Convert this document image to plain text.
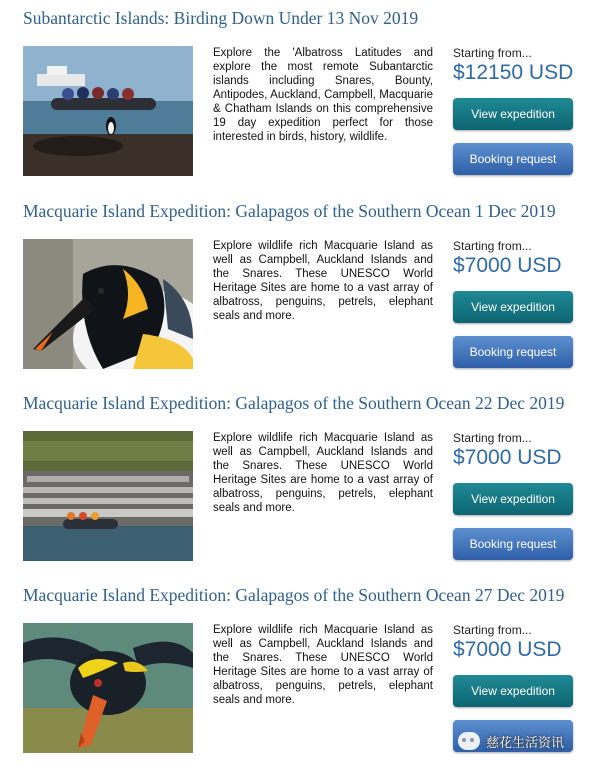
Subantarctic Islands: Birding Down Under 13 Nov 2019
Explore the 'Albatross Latitudes and explore the most remote Subantarctic islands including Snares, Bounty, Antipodes, Auckland, Campbell, Macquarie & Chatham Islands on this comprehensive 19 day expedition perfect for those interested in birds, history, wildlife.
Starting from...
$12150 USD
View expedition
Booking request
Macquarie Island Expedition: Galapagos of the Southern Ocean 1 Dec 2019
Explore wildlife rich Macquarie Island as well as Campbell, Auckland Islands and the Snares. These UNESCO World Heritage Sites are home to a vast array of albatross, penguins, petrels, elephant seals and more.
Starting from...
$7000 USD
View expedition
Booking request
Macquarie Island Expedition: Galapagos of the Southern Ocean 22 Dec 2019
Explore wildlife rich Macquarie Island as well as Campbell, Auckland Islands and the Snares. These UNESCO World Heritage Sites are home to a vast array of albatross, penguins, petrels, elephant seals and more.
Starting from...
$7000 USD
View expedition
Booking request
Macquarie Island Expedition: Galapagos of the Southern Ocean 27 Dec 2019
Explore wildlife rich Macquarie Island as well as Campbell, Auckland Islands and the Snares. These UNESCO World Heritage Sites are home to a vast array of albatross, penguins, petrels, elephant seals and more.
Starting from...
$7000 USD
View expedition
慈花生活资讯
